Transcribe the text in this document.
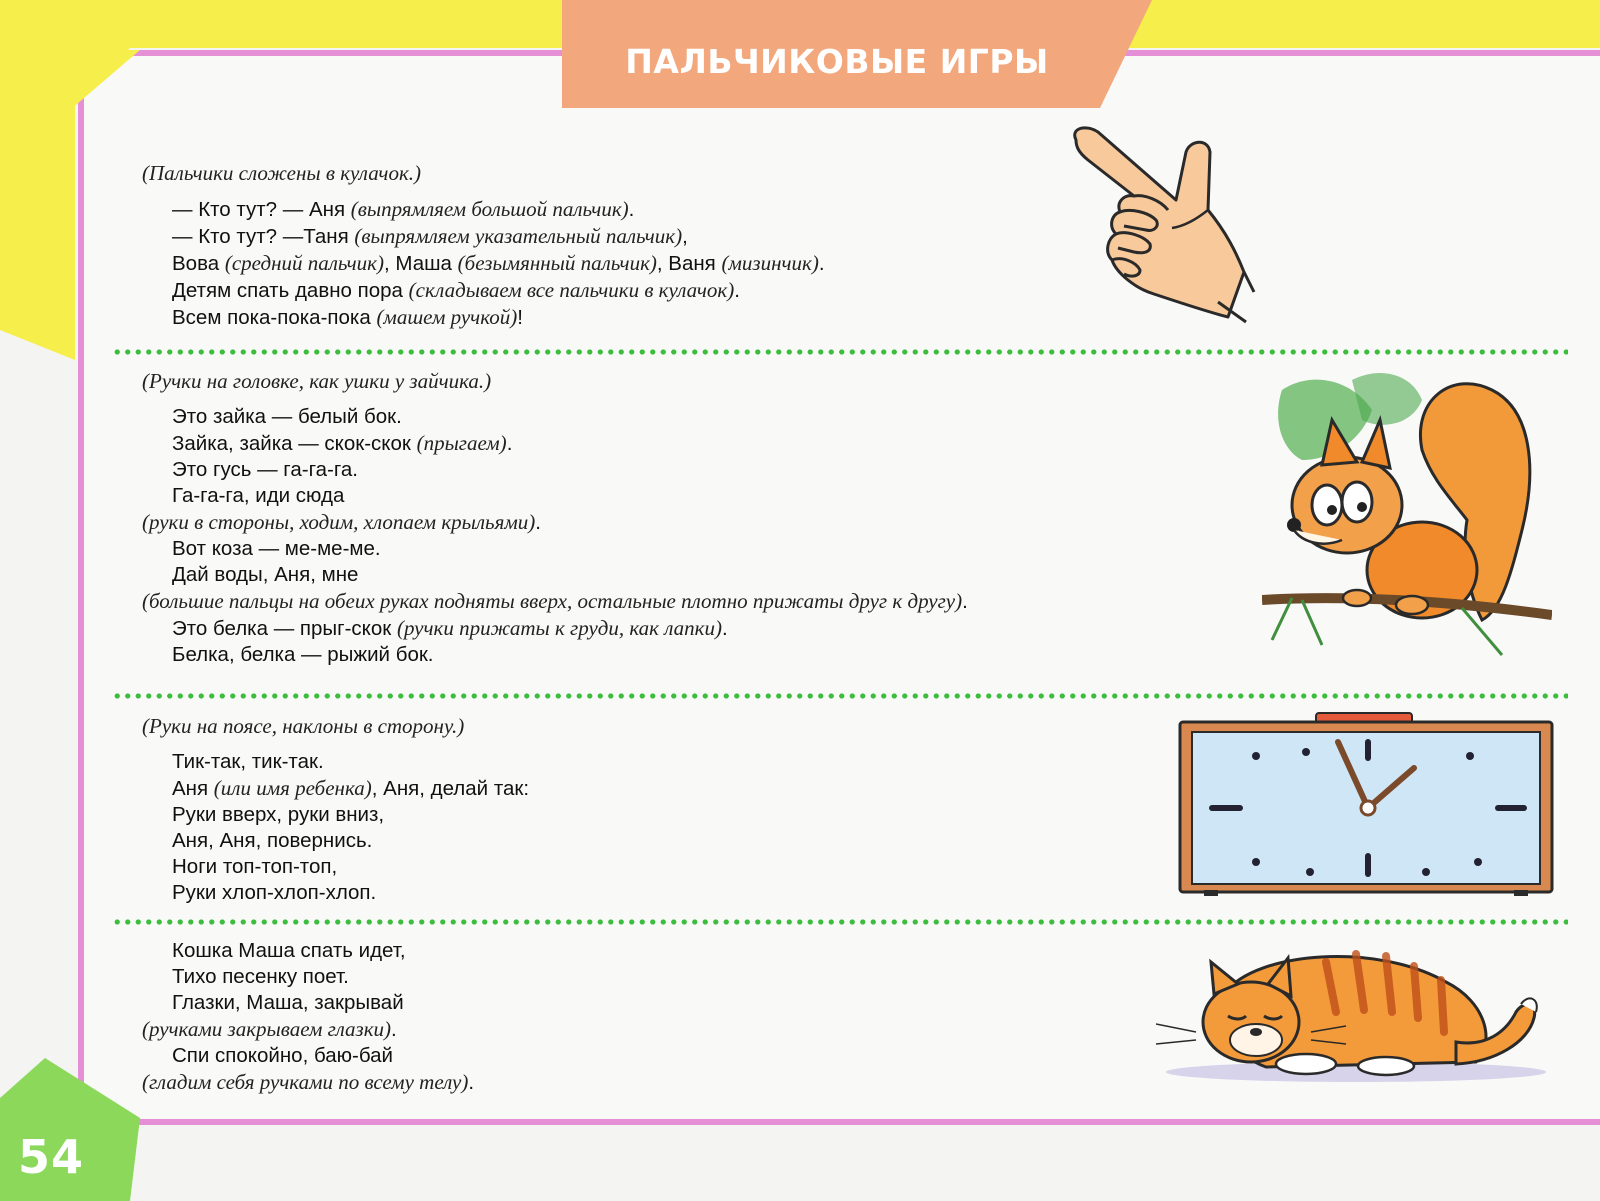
54
ПАЛЬЧИКОВЫЕ ИГРЫ
(Пальчики сложены в кулачок.)
— Кто тут? — Аня (выпрямляем большой пальчик).
— Кто тут? —Таня (выпрямляем указательный пальчик),
Вова (средний пальчик), Маша (безымянный пальчик), Ваня (мизинчик).
Детям спать давно пора (складываем все пальчики в кулачок).
Всем пока-пока-пока (машем ручкой)!
(Ручки на головке, как ушки у зайчика.)
Это зайка — белый бок.
Зайка, зайка — скок-скок (прыгаем).
Это гусь — га-га-га.
Га-га-га, иди сюда
(руки в стороны, ходим, хлопаем крыльями).
Вот коза — ме-ме-ме.
Дай воды, Аня, мне
(большие пальцы на обеих руках подняты вверх, остальные плотно прижаты друг к другу).
Это белка — прыг-скок (ручки прижаты к груди, как лапки).
Белка, белка — рыжий бок.
(Руки на поясе, наклоны в сторону.)
Тик-так, тик-так.
Аня (или имя ребенка), Аня, делай так:
Руки вверх, руки вниз,
Аня, Аня, повернись.
Ноги топ-топ-топ,
Руки хлоп-хлоп-хлоп.
Кошка Маша спать идет,
Тихо песенку поет.
Глазки, Маша, закрывай
(ручками закрываем глазки).
Спи спокойно, баю-бай
(гладим себя ручками по всему телу).
